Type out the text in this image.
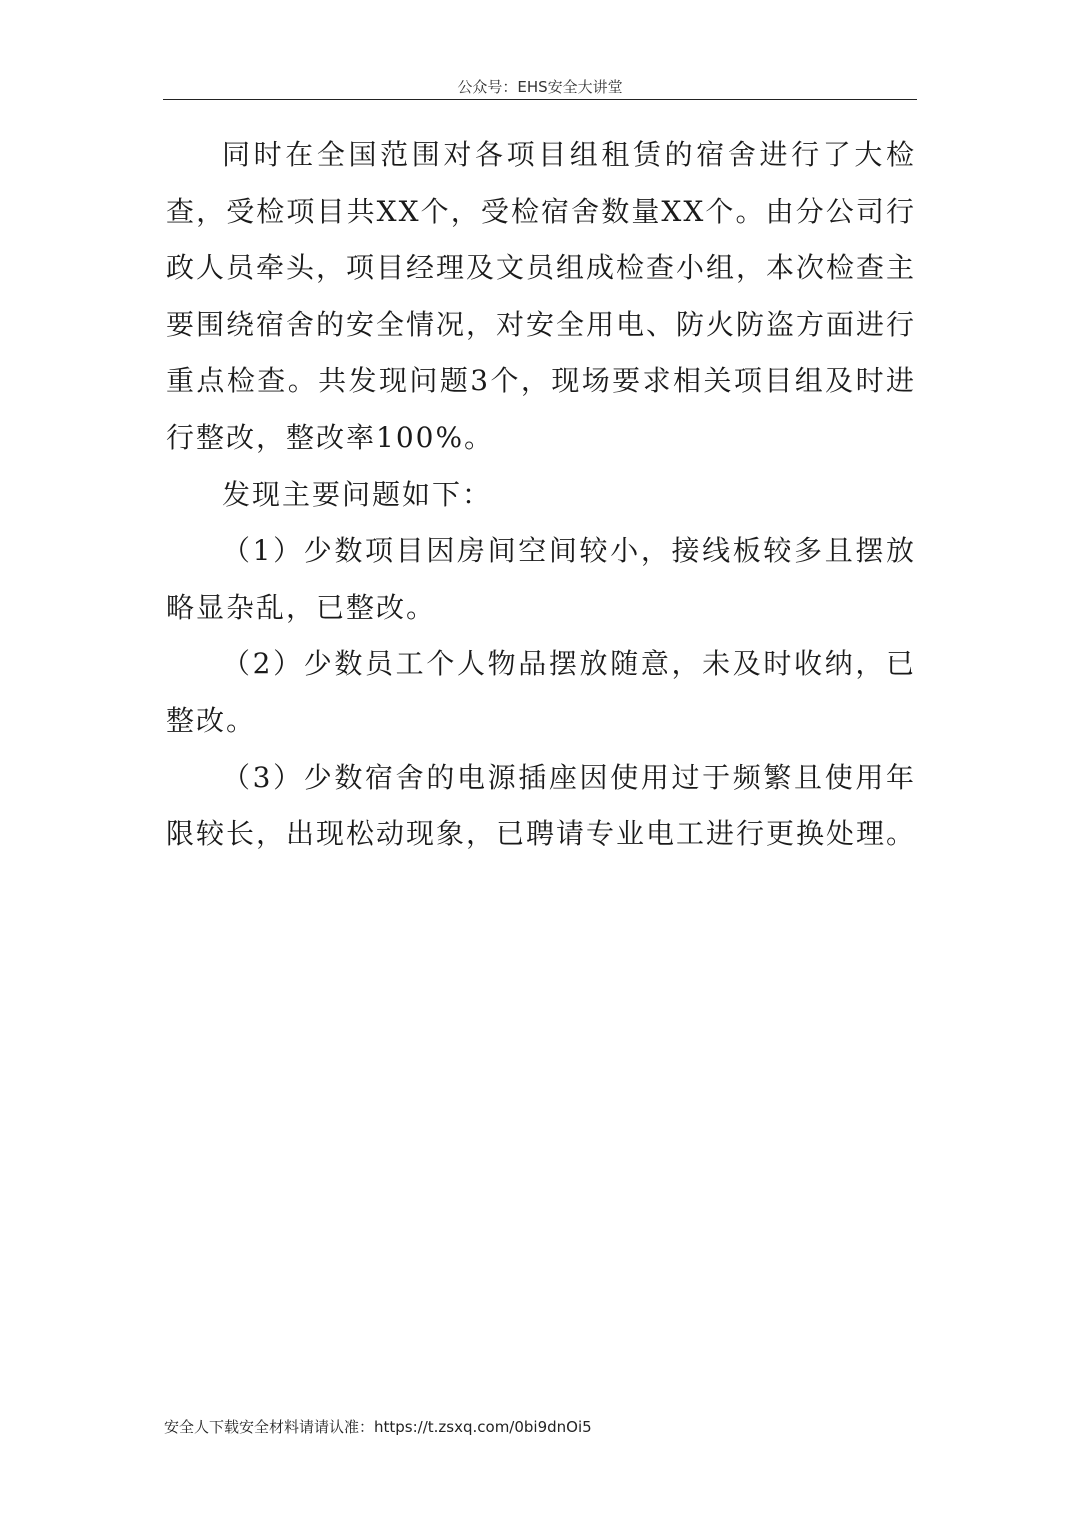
公众号：EHS安全大讲堂

同时在全国范围对各项目组租赁的宿舍进行了大检查，受检项目共XX个，受检宿舍数量XX个。由分公司行政人员牵头，项目经理及文员组成检查小组，本次检查主要围绕宿舍的安全情况，对安全用电、防火防盗方面进行重点检查。共发现问题3个，现场要求相关项目组及时进行整改，整改率100%。

发现主要问题如下：

（1）少数项目因房间空间较小，接线板较多且摆放略显杂乱，已整改。

（2）少数员工个人物品摆放随意，未及时收纳，已整改。

（3）少数宿舍的电源插座因使用过于频繁且使用年限较长，出现松动现象，已聘请专业电工进行更换处理。

安全人下载安全材料请请认准：https://t.zsxq.com/0bi9dnOi5
